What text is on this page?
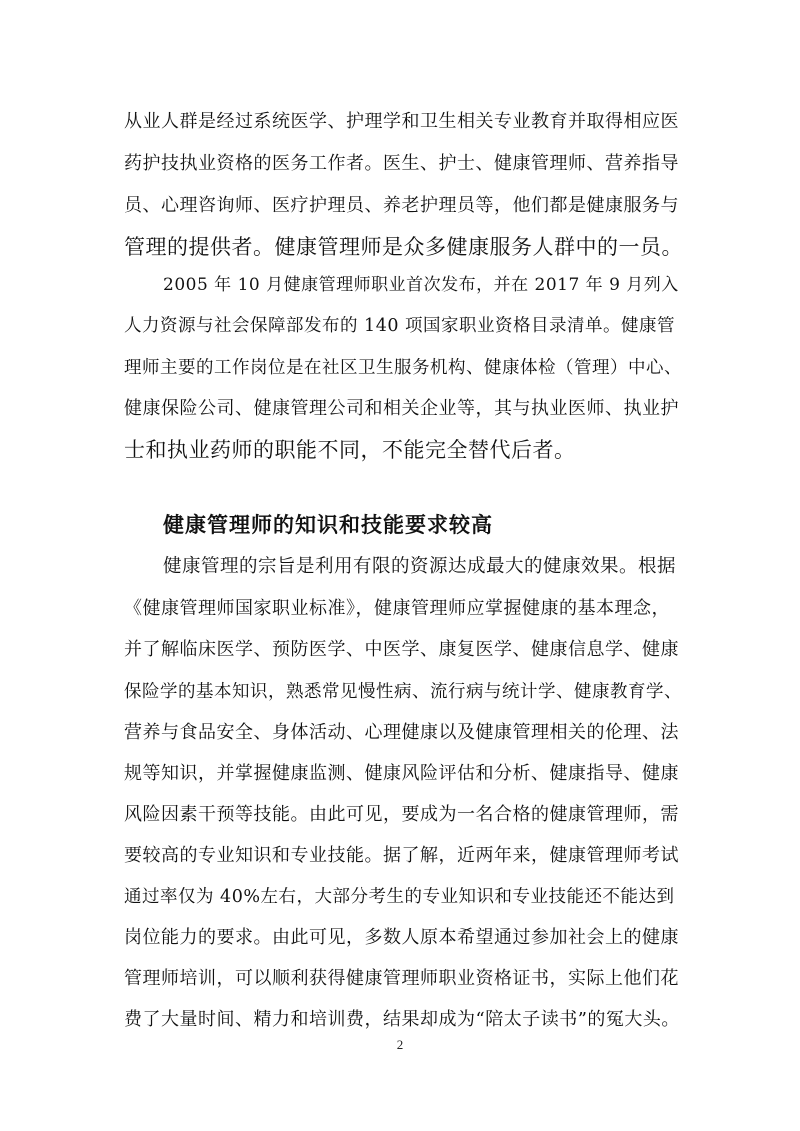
从业人群是经过系统医学、护理学和卫生相关专业教育并取得相应医
药护技执业资格的医务工作者。医生、护士、健康管理师、营养指导
员、心理咨询师、医疗护理员、养老护理员等，他们都是健康服务与
管理的提供者。健康管理师是众多健康服务人群中的一员。
2005 年 10 月健康管理师职业首次发布，并在 2017 年 9 月列入
人力资源与社会保障部发布的 140 项国家职业资格目录清单。健康管
理师主要的工作岗位是在社区卫生服务机构、健康体检（管理）中心、
健康保险公司、健康管理公司和相关企业等，其与执业医师、执业护
士和执业药师的职能不同，不能完全替代后者。
健康管理师的知识和技能要求较高
健康管理的宗旨是利用有限的资源达成最大的健康效果。根据
《健康管理师国家职业标准》，健康管理师应掌握健康的基本理念，
并了解临床医学、预防医学、中医学、康复医学、健康信息学、健康
保险学的基本知识，熟悉常见慢性病、流行病与统计学、健康教育学、
营养与食品安全、身体活动、心理健康以及健康管理相关的伦理、法
规等知识，并掌握健康监测、健康风险评估和分析、健康指导、健康
风险因素干预等技能。由此可见，要成为一名合格的健康管理师，需
要较高的专业知识和专业技能。据了解，近两年来，健康管理师考试
通过率仅为 40%左右，大部分考生的专业知识和专业技能还不能达到
岗位能力的要求。由此可见，多数人原本希望通过参加社会上的健康
管理师培训，可以顺利获得健康管理师职业资格证书，实际上他们花
费了大量时间、精力和培训费，结果却成为“陪太子读书”的冤大头。
2
